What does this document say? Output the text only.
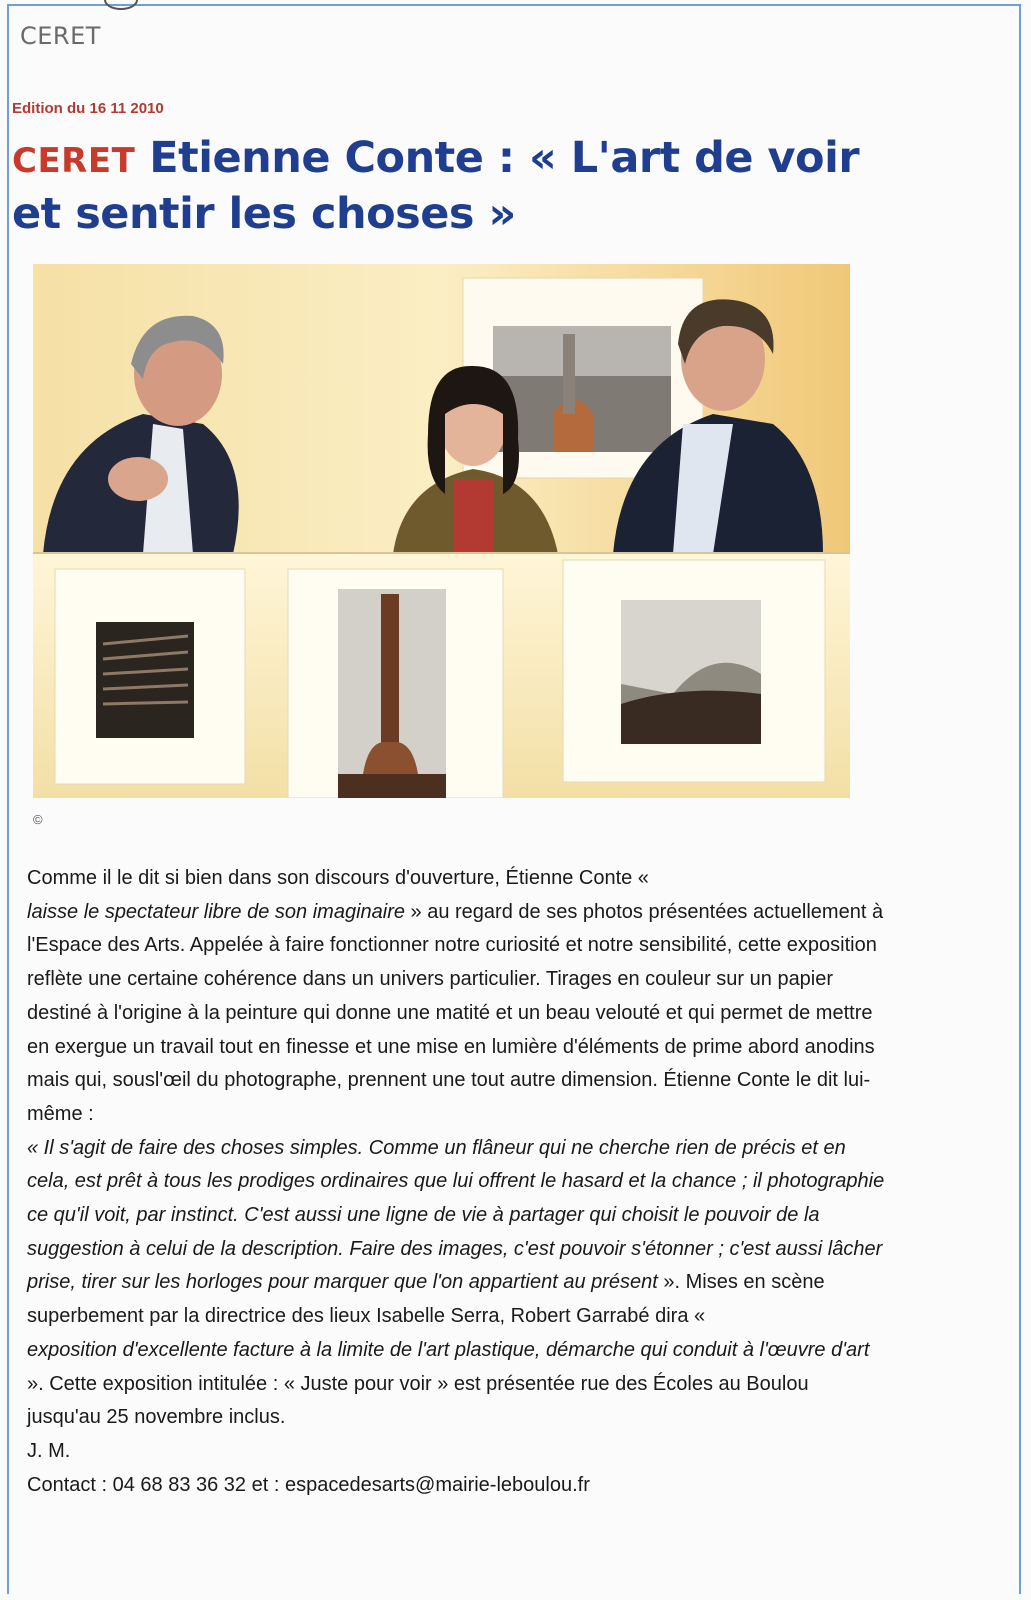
CERET
Edition du 16 11 2010
CERET Etienne Conte : « L'art de voir
et sentir les choses »
©

Comme il le dit si bien dans son discours d'ouverture, Étienne Conte «
laisse le spectateur libre de son imaginaire » au regard de ses photos présentées actuellement à l'Espace des Arts. Appelée à faire fonctionner notre curiosité et notre sensibilité, cette exposition reflète une certaine cohérence dans un univers particulier. Tirages en couleur sur un papier destiné à l'origine à la peinture qui donne une matité et un beau velouté et qui permet de mettre en exergue un travail tout en finesse et une mise en lumière d'éléments de prime abord anodins mais qui, sousl'œil du photographe, prennent une tout autre dimension. Étienne Conte le dit lui-même :
« Il s'agit de faire des choses simples. Comme un flâneur qui ne cherche rien de précis et en cela, est prêt à tous les prodiges ordinaires que lui offrent le hasard et la chance ; il photographie ce qu'il voit, par instinct. C'est aussi une ligne de vie à partager qui choisit le pouvoir de la suggestion à celui de la description. Faire des images, c'est pouvoir s'étonner ; c'est aussi lâcher prise, tirer sur les horloges pour marquer que l'on appartient au présent ». Mises en scène superbement par la directrice des lieux Isabelle Serra, Robert Garrabé dira «
exposition d'excellente facture à la limite de l'art plastique, démarche qui conduit à l'œuvre d'art ». Cette exposition intitulée : « Juste pour voir » est présentée rue des Écoles au Boulou

jusqu'au 25 novembre inclus.

J. M.

Contact : 04 68 83 36 32 et : espacedesarts@mairie-leboulou.fr
